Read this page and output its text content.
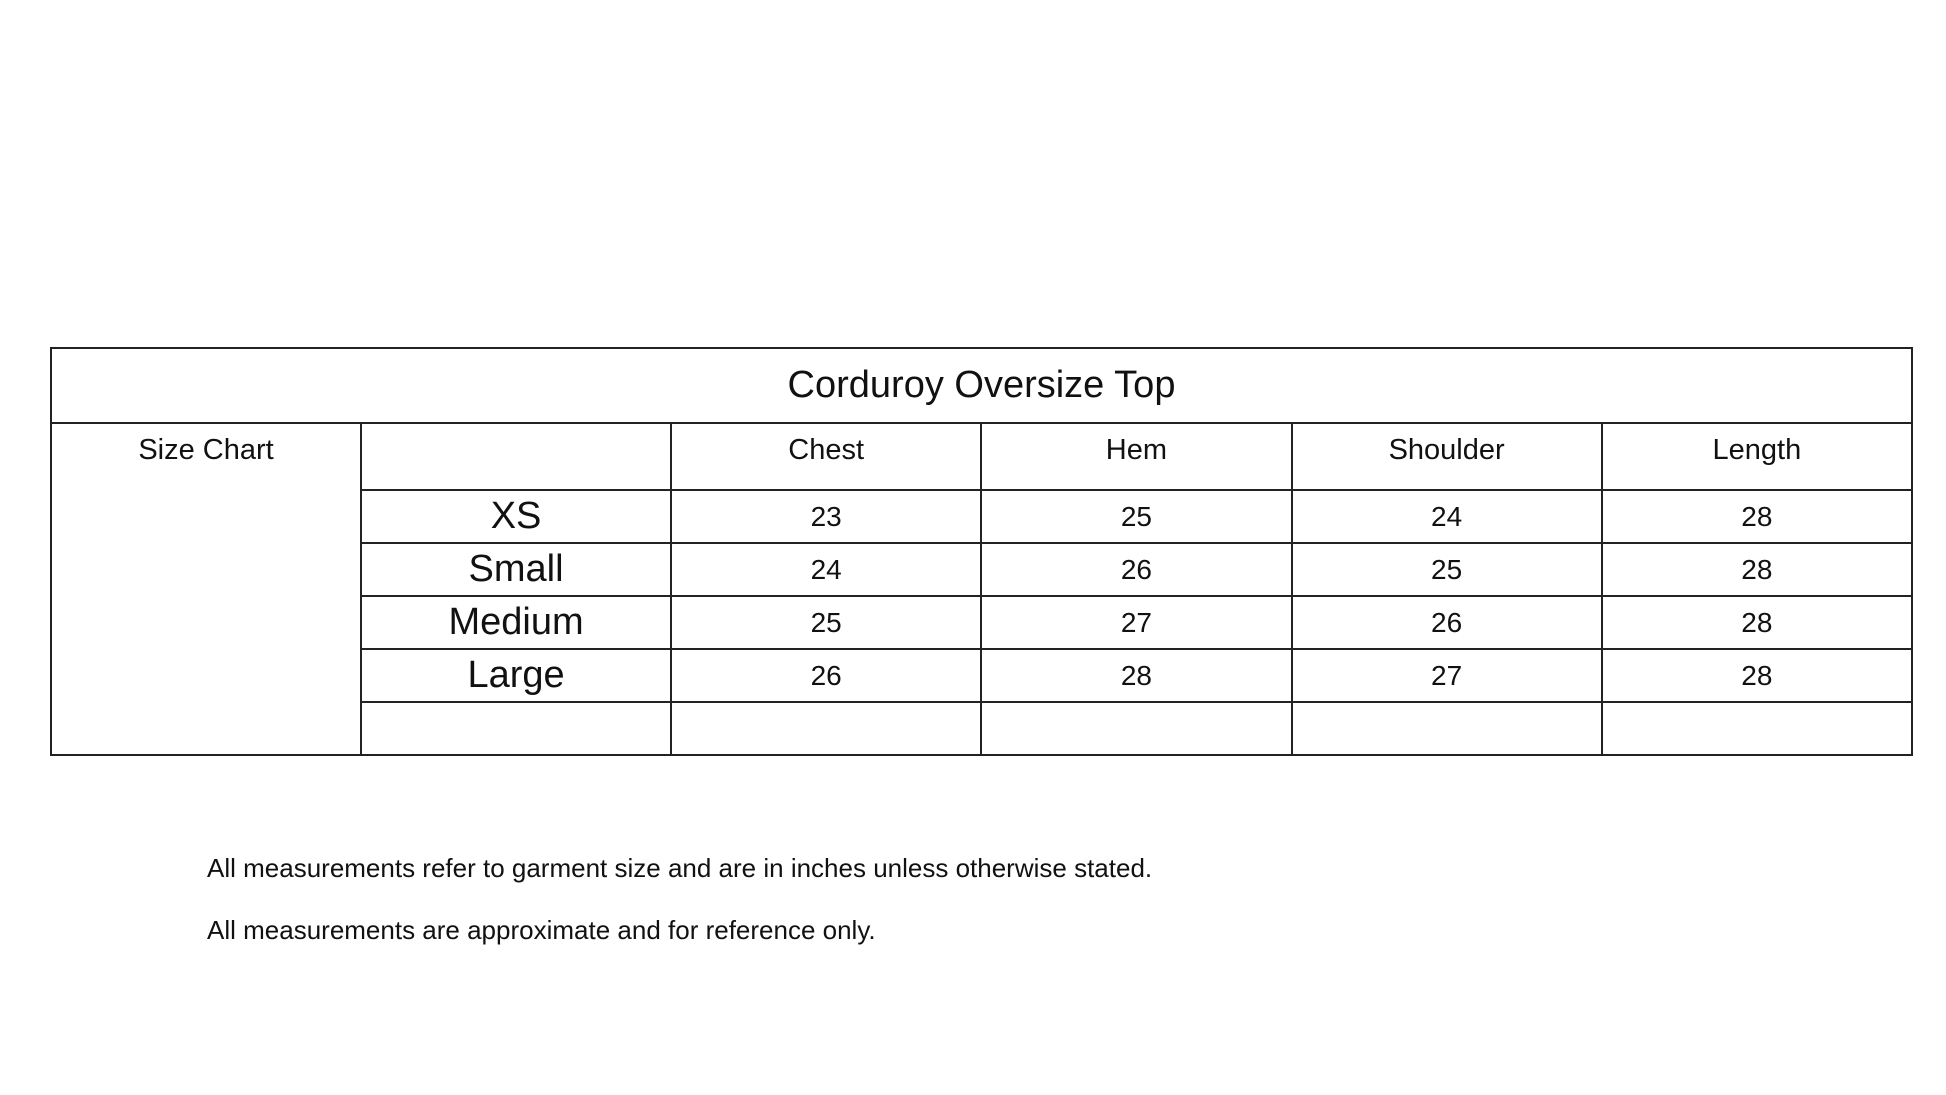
Corduroy Oversize Top					
Size Chart		Chest	Hem	Shoulder	Length
	XS	23	25	24	28
	Small	24	26	25	28
	Medium	25	27	26	28
	Large	26	28	27	28

All measurements refer to garment size and are in inches unless otherwise stated.

All measurements are approximate and for reference only.
